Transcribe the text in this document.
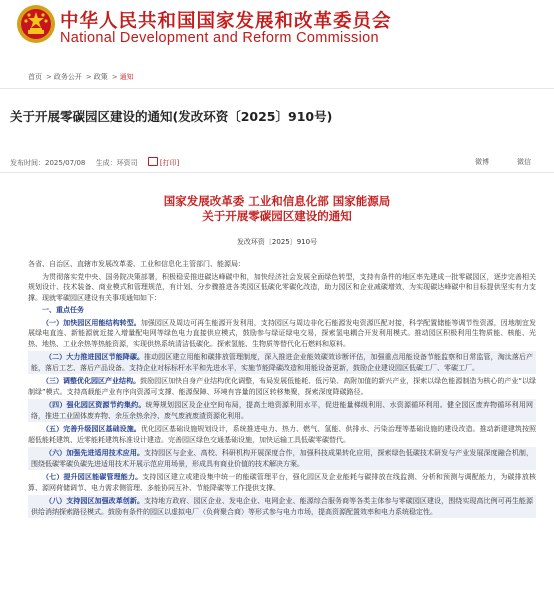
中华人民共和国国家发展和改革委员会
National Development and Reform Commission
首页 > 政务公开 > 政策 > 通知
关于开展零碳园区建设的通知(发改环资〔2025〕910号)
发布时间：2025/07/08 生成：环资司	[打印]	微博	微信
国家发展改革委 工业和信息化部 国家能源局
关于开展零碳园区建设的通知
发改环资〔2025〕910号

各省、自治区、直辖市发展改革委、工业和信息化主管部门、能源局：

为贯彻落实党中央、国务院决策部署，积极稳妥推进碳达峰碳中和，加快经济社会发展全面绿色转型，支持有条件的地区率先建成一批零碳园区，逐步完善相关规划设计、技术装备、商业模式和管理规范，有计划、分步骤推进各类园区低碳化零碳化改造，助力园区和企业减碳增效，为实现碳达峰碳中和目标提供坚实有力支撑。现就零碳园区建设有关事项通知如下：

一、重点任务

（一）加快园区用能结构转型。加强园区及周边可再生能源开发利用，支持园区与周边非化石能源发电资源匹配对接，科学配置储能等调节性资源，因地制宜发展绿电直连、新能源就近接入增量配电网等绿色电力直接供应模式，鼓励参与绿证绿电交易，探索氢电耦合开发利用模式。推动园区积极利用生物质能、核能、光热、地热、工业余热等热能资源，实现供热系统清洁低碳化。探索氢能、生物质等替代化石燃料和原料。

（二）大力推进园区节能降碳。推动园区建立用能和碳排放管理制度，深入推进企业能效碳效诊断评估，加强重点用能设备节能监察和日常监管，淘汰落后产能，落后工艺、落后产品设备。支持企业对标标杆水平和先进水平，实施节能降碳改造和用能设备更新，鼓励企业建设园区低碳工厂、零碳工厂。

（三）调整优化园区产业结构。鼓励园区加快自身产业结构优化调整，布局发展低能耗、低污染、高附加值的新兴产业，探索以绿色能源制造为核心的产业“以绿制绿”模式。支持高载能产业有序向资源可支撑、能源保障、环境有容量的园区转移集聚，探索深度降碳路径。

（四）强化园区资源节约集约。统筹规划园区及企业空间布局，提高土地资源利用水平，促进能量梯级利用、水资源循环利用。健全园区废弃物循环利用网络，推进工业固体废弃物、余压余热余冷、废气废液废渣资源化利用。

（五）完善升级园区基础设施。优化园区基础设施规划设计，系统推进电力、热力、燃气、氢能、供排水、污染治理等基础设施的建设改造。推动新建建筑按照超低能耗建筑、近零能耗建筑标准设计建造。完善园区绿色交通基础设施，加快运输工具低碳零碳替代。

（六）加强先进适用技术应用。支持园区与企业、高校、科研机构开展深度合作，加强科技成果转化应用，探索绿色低碳技术研发与产业发展深度融合机制，围绕低碳零碳负碳先进适用技术开展示范应用场景，形成具有商业价值的技术解决方案。

（七）提升园区能碳管理能力。支持园区建立或建设集中统一的能碳管理平台，强化园区及企业能耗与碳排放在线监测、分析和预测与调配能力，为碳排放核算、源网荷储调节、电力需求侧管理、多能协同互补、节能降碳等工作提供支撑。

（八）支持园区加强改革创新。支持地方政府、园区企业、发电企业、电网企业、能源综合服务商等各类主体参与零碳园区建设，围绕实现高比例可再生能源供给消纳探索路径模式。鼓励有条件的园区以虚拟电厂（负荷聚合商）等形式参与电力市场，提高资源配置效率和电力系统稳定性。
